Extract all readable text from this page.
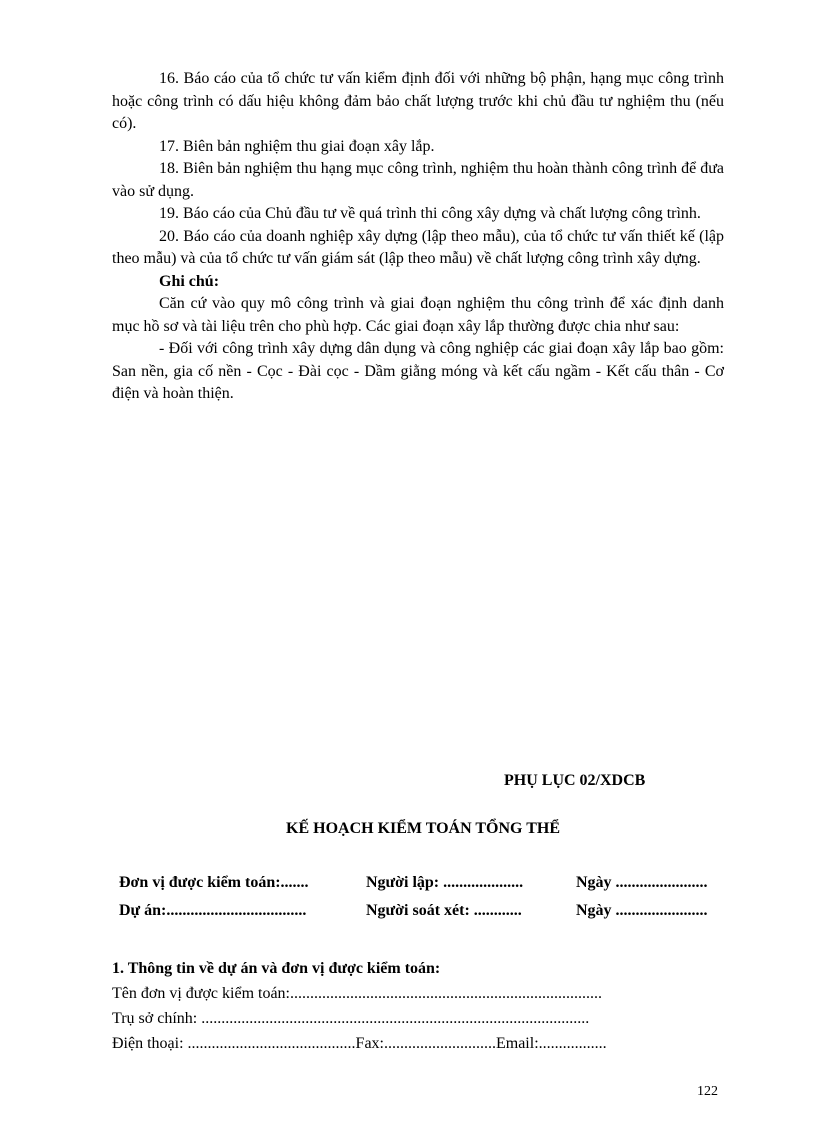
16. Báo cáo của tổ chức tư vấn kiểm định đối với những bộ phận, hạng mục công trình hoặc công trình có dấu hiệu không đảm bảo chất lượng trước khi chủ đầu tư nghiệm thu (nếu có).

17. Biên bản nghiệm thu giai đoạn xây lắp.

18. Biên bản nghiệm thu hạng mục công trình, nghiệm thu hoàn thành công trình để đưa vào sử dụng.

19. Báo cáo của Chủ đầu tư về quá trình thi công xây dựng và chất lượng công trình.

20. Báo cáo của doanh nghiệp xây dựng (lập theo mẫu), của tổ chức tư vấn thiết kế (lập theo mẫu) và của tổ chức tư vấn giám sát (lập theo mẫu) về chất lượng công trình xây dựng.

Ghi chú:

Căn cứ vào quy mô công trình và giai đoạn nghiệm thu công trình để xác định danh mục hồ sơ và tài liệu trên cho phù hợp. Các giai đoạn xây lắp thường được chia như sau:

- Đối với công trình xây dựng dân dụng và công nghiệp các giai đoạn xây lắp bao gồm: San nền, gia cố nền - Cọc - Đài cọc - Dầm giằng móng và kết cấu ngầm - Kết cấu thân - Cơ điện và hoàn thiện.

PHỤ LỤC 02/XDCB
KẾ HOẠCH KIỂM TOÁN TỔNG THỂ
Đơn vị được kiểm toán:.......	Người lập: ....................	Ngày .......................
Dự án:...................................	Người soát xét: ............	Ngày .......................
1. Thông tin về dự án và đơn vị được kiểm toán:
Tên đơn vị được kiểm toán:..............................................................................
Trụ sở chính: .................................................................................................
Điện thoại: ..........................................Fax:............................Email:.................
122
